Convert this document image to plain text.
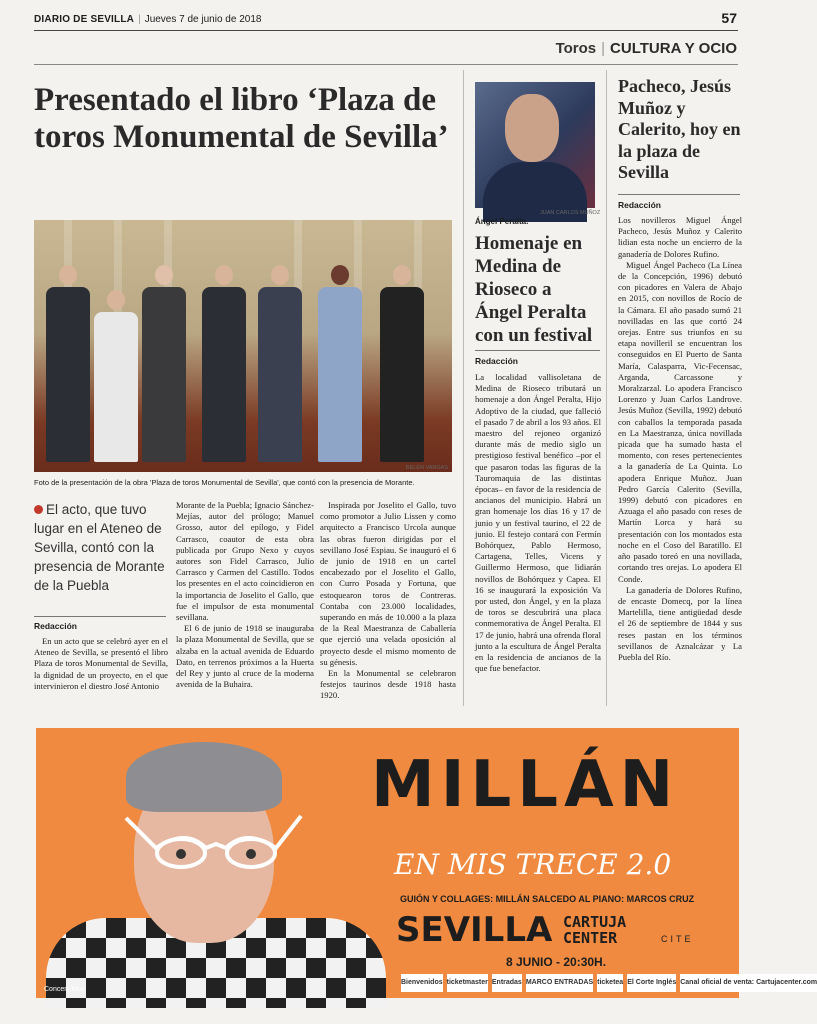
DIARIO DE SEVILLA | Jueves 7 de junio de 2018	57
Toros | CULTURA Y OCIO
Presentado el libro ‘Plaza de toros Monumental de Sevilla’
BELÉN VARGAS
Foto de la presentación de la obra 'Plaza de toros Monumental de Sevilla', que contó con la presencia de Morante.
El acto, que tuvo lugar en el Ateneo de Sevilla, contó con la presencia de Morante de la Puebla
Redacción

En un acto que se celebró ayer en el Ateneo de Sevilla, se presentó el libro Plaza de toros Monumental de Sevilla, la dignidad de un proyecto, en el que intervinieron el diestro José Antonio

Morante de la Puebla; Ignacio Sánchez-Mejías, autor del prólogo; Manuel Grosso, autor del epílogo, y Fidel Carrasco, coautor de esta obra publicada por Grupo Nexo y cuyos autores son Fidel Carrasco, Julio Carrasco y Carmen del Castillo. Todos los presentes en el acto coincidieron en la importancia de Joselito el Gallo, que fue el impulsor de esta monumental sevillana.

El 6 de junio de 1918 se inauguraba la plaza Monumental de Sevilla, que se alzaba en la actual avenida de Eduardo Dato, en terrenos próximos a la Huerta del Rey y junto al cruce de la moderna avenida de la Buhaira.

Inspirada por Joselito el Gallo, tuvo como promotor a Julio Lissen y como arquitecto a Francisco Urcola aunque las obras fueron dirigidas por el sevillano José Espiau. Se inauguró el 6 de junio de 1918 en un cartel encabezado por el Joselito el Gallo, con Curro Posada y Fortuna, que estoquearon toros de Contreras. Contaba con 23.000 localidades, superando en más de 10.000 a la plaza de la Real Maestranza de Caballería que ejerció una velada oposición al proyecto desde el mismo momento de su génesis.

En la Monumental se celebraron festejos taurinos desde 1918 hasta 1920.

JUAN CARLOS MUÑOZ
Ángel Peralta.
Homenaje en Medina de Rioseco a Ángel Peralta con un festival
Redacción

La localidad vallisoletana de Medina de Rioseco tributará un homenaje a don Ángel Peralta, Hijo Adoptivo de la ciudad, que falleció el pasado 7 de abril a los 93 años. El maestro del rejoneo organizó durante más de medio siglo un prestigioso festival benéfico –por el que pasaron todas las figuras de la Tauromaquia de las distintas épocas– en favor de la residencia de ancianos del municipio. Habrá un gran homenaje los días 16 y 17 de junio y un festival taurino, el 22 de junio. El festejo contará con Fermín Bohórquez, Pablo Hermoso, Cartagena, Telles, Vicens y Guillermo Hermoso, que lidiarán novillos de Bohórquez y Capea. El 16 se inaugurará la exposición Va por usted, don Ángel, y en la plaza de toros se descubrirá una placa conmemorativa de Ángel Peralta. El 17 de junio, habrá una ofrenda floral junto a la escultura de Ángel Peralta en la residencia de ancianos de la que fue benefactor.

Pacheco, Jesús Muñoz y Calerito, hoy en la plaza de Sevilla
Redacción

Los novilleros Miguel Ángel Pacheco, Jesús Muñoz y Calerito lidian esta noche un encierro de la ganadería de Dolores Rufino.

Miguel Ángel Pacheco (La Línea de la Concepción, 1996) debutó con picadores en Valera de Abajo en 2015, con novillos de Rocío de la Cámara. El año pasado sumó 21 novilladas en las que cortó 24 orejas. Entre sus triunfos en su etapa novilleril se encuentran los conseguidos en El Puerto de Santa María, Calasparra, Vic-Fecensac, Arganda, Carcassone y Moralzarzal. Lo apodera Francisco Lorenzo y Juan Carlos Landrove. Jesús Muñoz (Sevilla, 1992) debutó con caballos la temporada pasada en La Maestranza, única novillada picada que ha sumado hasta el momento, con reses pertenecientes a la ganadería de La Quinta. Lo apodera Enrique Muñoz. Juan Pedro García Calerito (Sevilla, 1999) debutó con picadores en Azuaga el año pasado con reses de Martín Lorca y hará su presentación con los montados esta noche en el Coso del Baratillo. El año pasado toreó en una novillada, cortando tres orejas. Lo apodera El Conde.

La ganadería de Dolores Rufino, de encaste Domecq, por la línea Martelilla, tiene antigüedad desde el 26 de septiembre de 1844 y sus reses pastan en los términos sevillanos de Aznalcázar y La Puebla del Río.

MILLÁN
EN MIS TRECE 2.0
GUIÓN Y COLLAGES: MILLÁN SALCEDO AL PIANO: MARCOS CRUZ
SEVILLA CARTUJA
CENTER	CITE
8 JUNIO - 20:30H.
Bienvenidos ticketmaster Entradas MARCO ENTRADAS ticketea El Corte Inglés Canal oficial de venta: Cartujacenter.com
Concert Tour
